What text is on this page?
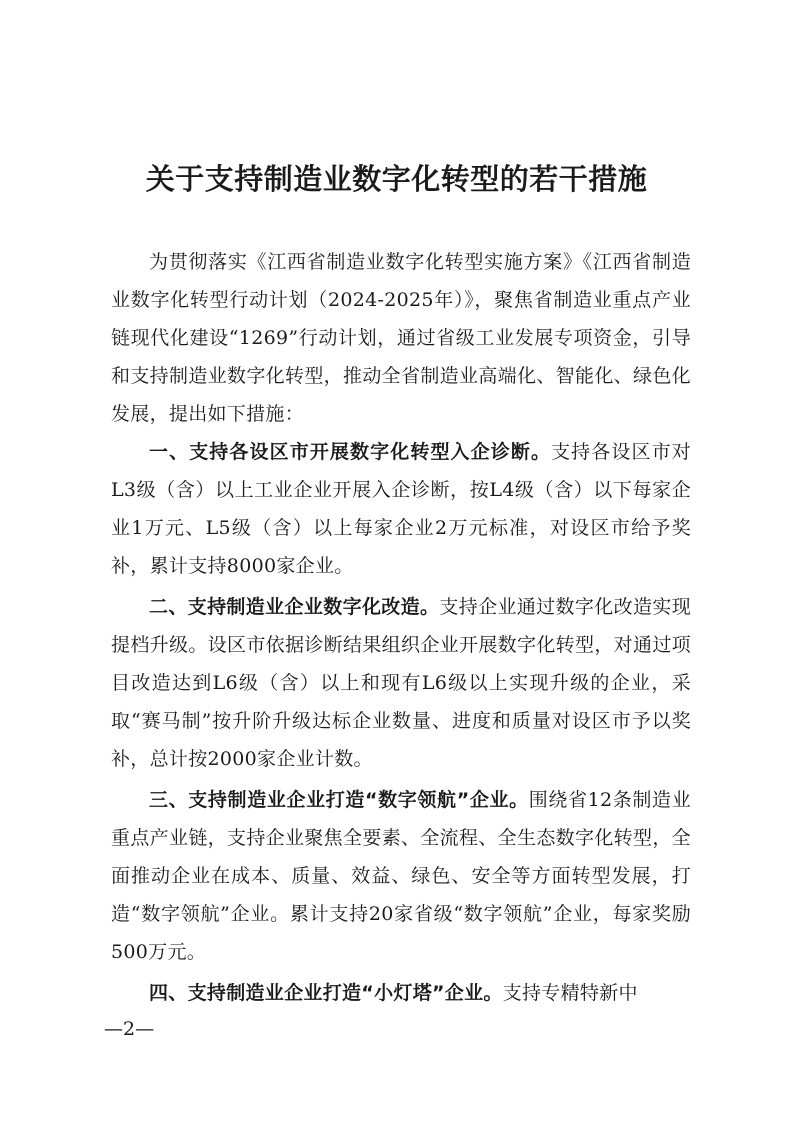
关于支持制造业数字化转型的若干措施

为贯彻落实《江西省制造业数字化转型实施方案》《江西省制造业数字化转型行动计划（2024-2025年）》，聚焦省制造业重点产业链现代化建设“1269”行动计划，通过省级工业发展专项资金，引导和支持制造业数字化转型，推动全省制造业高端化、智能化、绿色化发展，提出如下措施：

一、支持各设区市开展数字化转型入企诊断。支持各设区市对L3级（含）以上工业企业开展入企诊断，按L4级（含）以下每家企业1万元、L5级（含）以上每家企业2万元标准，对设区市给予奖补，累计支持8000家企业。

二、支持制造业企业数字化改造。支持企业通过数字化改造实现提档升级。设区市依据诊断结果组织企业开展数字化转型，对通过项目改造达到L6级（含）以上和现有L6级以上实现升级的企业，采取“赛马制”按升阶升级达标企业数量、进度和质量对设区市予以奖补，总计按2000家企业计数。

三、支持制造业企业打造“数字领航”企业。围绕省12条制造业重点产业链，支持企业聚焦全要素、全流程、全生态数字化转型，全面推动企业在成本、质量、效益、绿色、安全等方面转型发展，打造“数字领航”企业。累计支持20家省级“数字领航”企业，每家奖励500万元。

四、支持制造业企业打造“小灯塔”企业。支持专精特新中

—2—
